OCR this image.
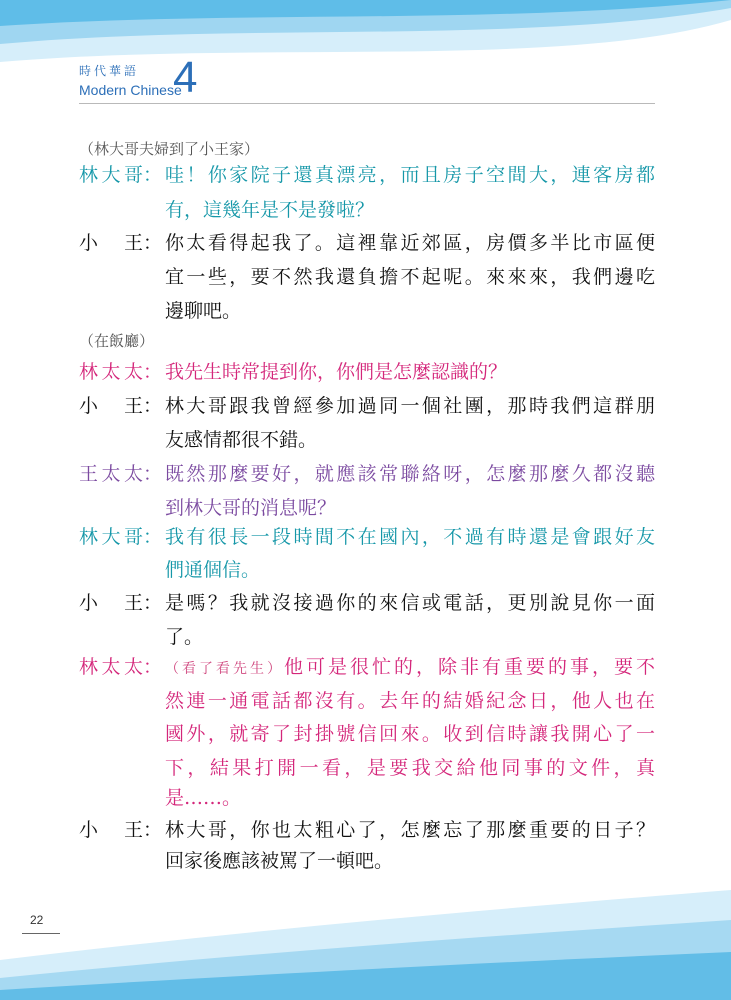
時代華語
Modern Chinese
4
（林大哥夫婦到了小王家）
林 大 哥 ： 哇！你家院子還真漂亮，而且房子空間大，連客房都
有，這幾年是不是發啦？
小 王 ： 你太看得起我了。這裡靠近郊區，房價多半比市區便
宜一些，要不然我還負擔不起呢。來來來，我們邊吃
邊聊吧。
（在飯廳）
林 太 太 ： 我先生時常提到你，你們是怎麼認識的？
小 王 ： 林大哥跟我曾經參加過同一個社團，那時我們這群朋
友感情都很不錯。
王 太 太 ： 既然那麼要好，就應該常聯絡呀，怎麼那麼久都沒聽
到林大哥的消息呢？
林 大 哥 ： 我有很長一段時間不在國內，不過有時還是會跟好友
們通個信。
小 王 ： 是嗎？我就沒接過你的來信或電話，更別說見你一面
了。
林 太 太 ： （看了看先生）他可是很忙的，除非有重要的事，要不
然連一通電話都沒有。去年的結婚紀念日，他人也在
國外，就寄了封掛號信回來。收到信時讓我開心了一
下，結果打開一看，是要我交給他同事的文件，真
是……。
小 王 ： 林大哥，你也太粗心了，怎麼忘了那麼重要的日子？
回家後應該被罵了一頓吧。
22
